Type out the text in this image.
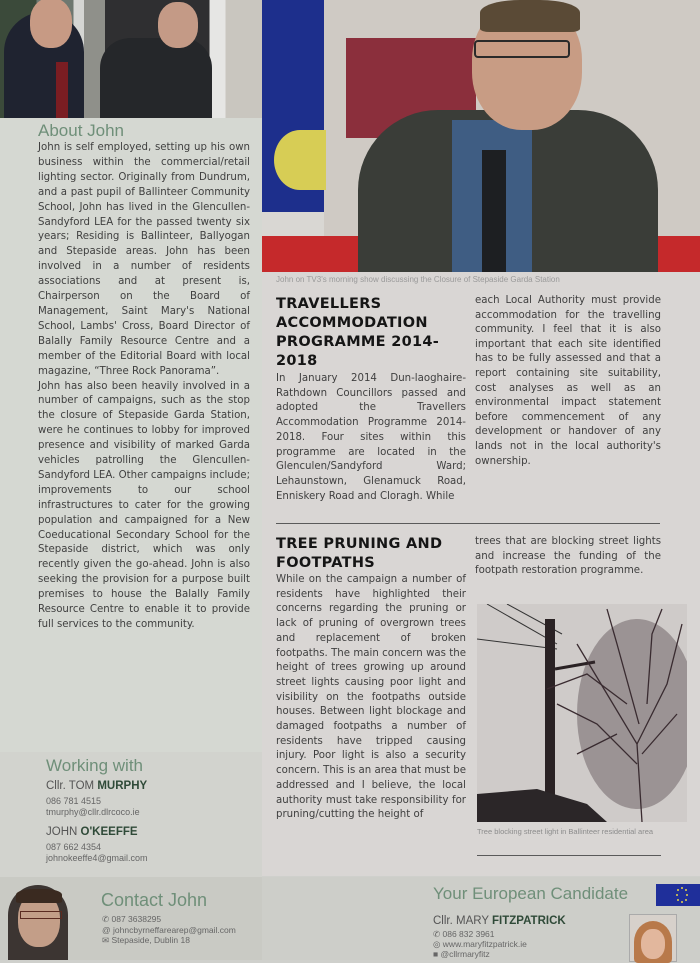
About John
John is self employed, setting up his own business within the commercial/retail lighting sector. Originally from Dundrum, and a past pupil of Ballinteer Community School, John has lived in the Glencullen-Sandyford LEA for the passed twenty six years; Residing is Ballinteer, Ballyogan and Stepaside areas. John has been involved in a number of residents associations and at present is, Chairperson on the Board of Management, Saint Mary's National School, Lambs' Cross, Board Director of Balally Family Resource Centre and a member of the Editorial Board with local magazine, “Three Rock Panorama”.
John has also been heavily involved in a number of campaigns, such as the stop the closure of Stepaside Garda Station, were he continues to lobby for improved presence and visibility of marked Garda vehicles patrolling the Glencullen-Sandyford LEA. Other campaigns include; improvements to our school infrastructures to cater for the growing population and campaigned for a New Coeducational Secondary School for the Stepaside district, which was only recently given the go-ahead. John is also seeking the provision for a purpose built premises to house the Balally Family Resource Centre to enable it to provide full services to the community.
Working with
Cllr. TOM MURPHY
086 781 4515
tmurphy@cllr.dlrcoco.ie
JOHN O'KEEFFE
087 662 4354
johnokeeffe4@gmail.com
John on TV3's morning show discussing the Closure of Stepaside Garda Station
TRAVELLERS ACCOMMODATION PROGRAMME 2014-2018
In January 2014 Dun-laoghaire-Rathdown Councillors passed and adopted the Travellers Accommodation Programme 2014-2018. Four sites within this programme are located in the Glenculen/Sandyford Ward; Lehaunstown, Glenamuck Road, Enniskery Road and Cloragh. While
each Local Authority must provide accommodation for the travelling community. I feel that it is also important that each site identified has to be fully assessed and that a report containing site suitability, cost analyses as well as an environmental impact statement before commencement of any development or handover of any lands not in the local authority's ownership.
TREE PRUNING AND FOOTPATHS
While on the campaign a number of residents have highlighted their concerns regarding the pruning or lack of pruning of overgrown trees and replacement of broken footpaths. The main concern was the height of trees growing up around street lights causing poor light and visibility on the footpaths outside houses. Between light blockage and damaged footpaths a number of residents have tripped causing injury. Poor light is also a security concern. This is an area that must be addressed and I believe, the local authority must take responsibility for pruning/cutting the height of
trees that are blocking street lights and increase the funding of the footpath restoration programme.
Tree blocking street light in Ballinteer residential area
Contact John
✆ 087 3638295
@ johncbyrneffarearep@gmail.com
✉ Stepaside, Dublin 18
Your European Candidate
Cllr. MARY FITZPATRICK
✆ 086 832 3961
◎ www.maryfitzpatrick.ie
■ @cllrmaryfitz
